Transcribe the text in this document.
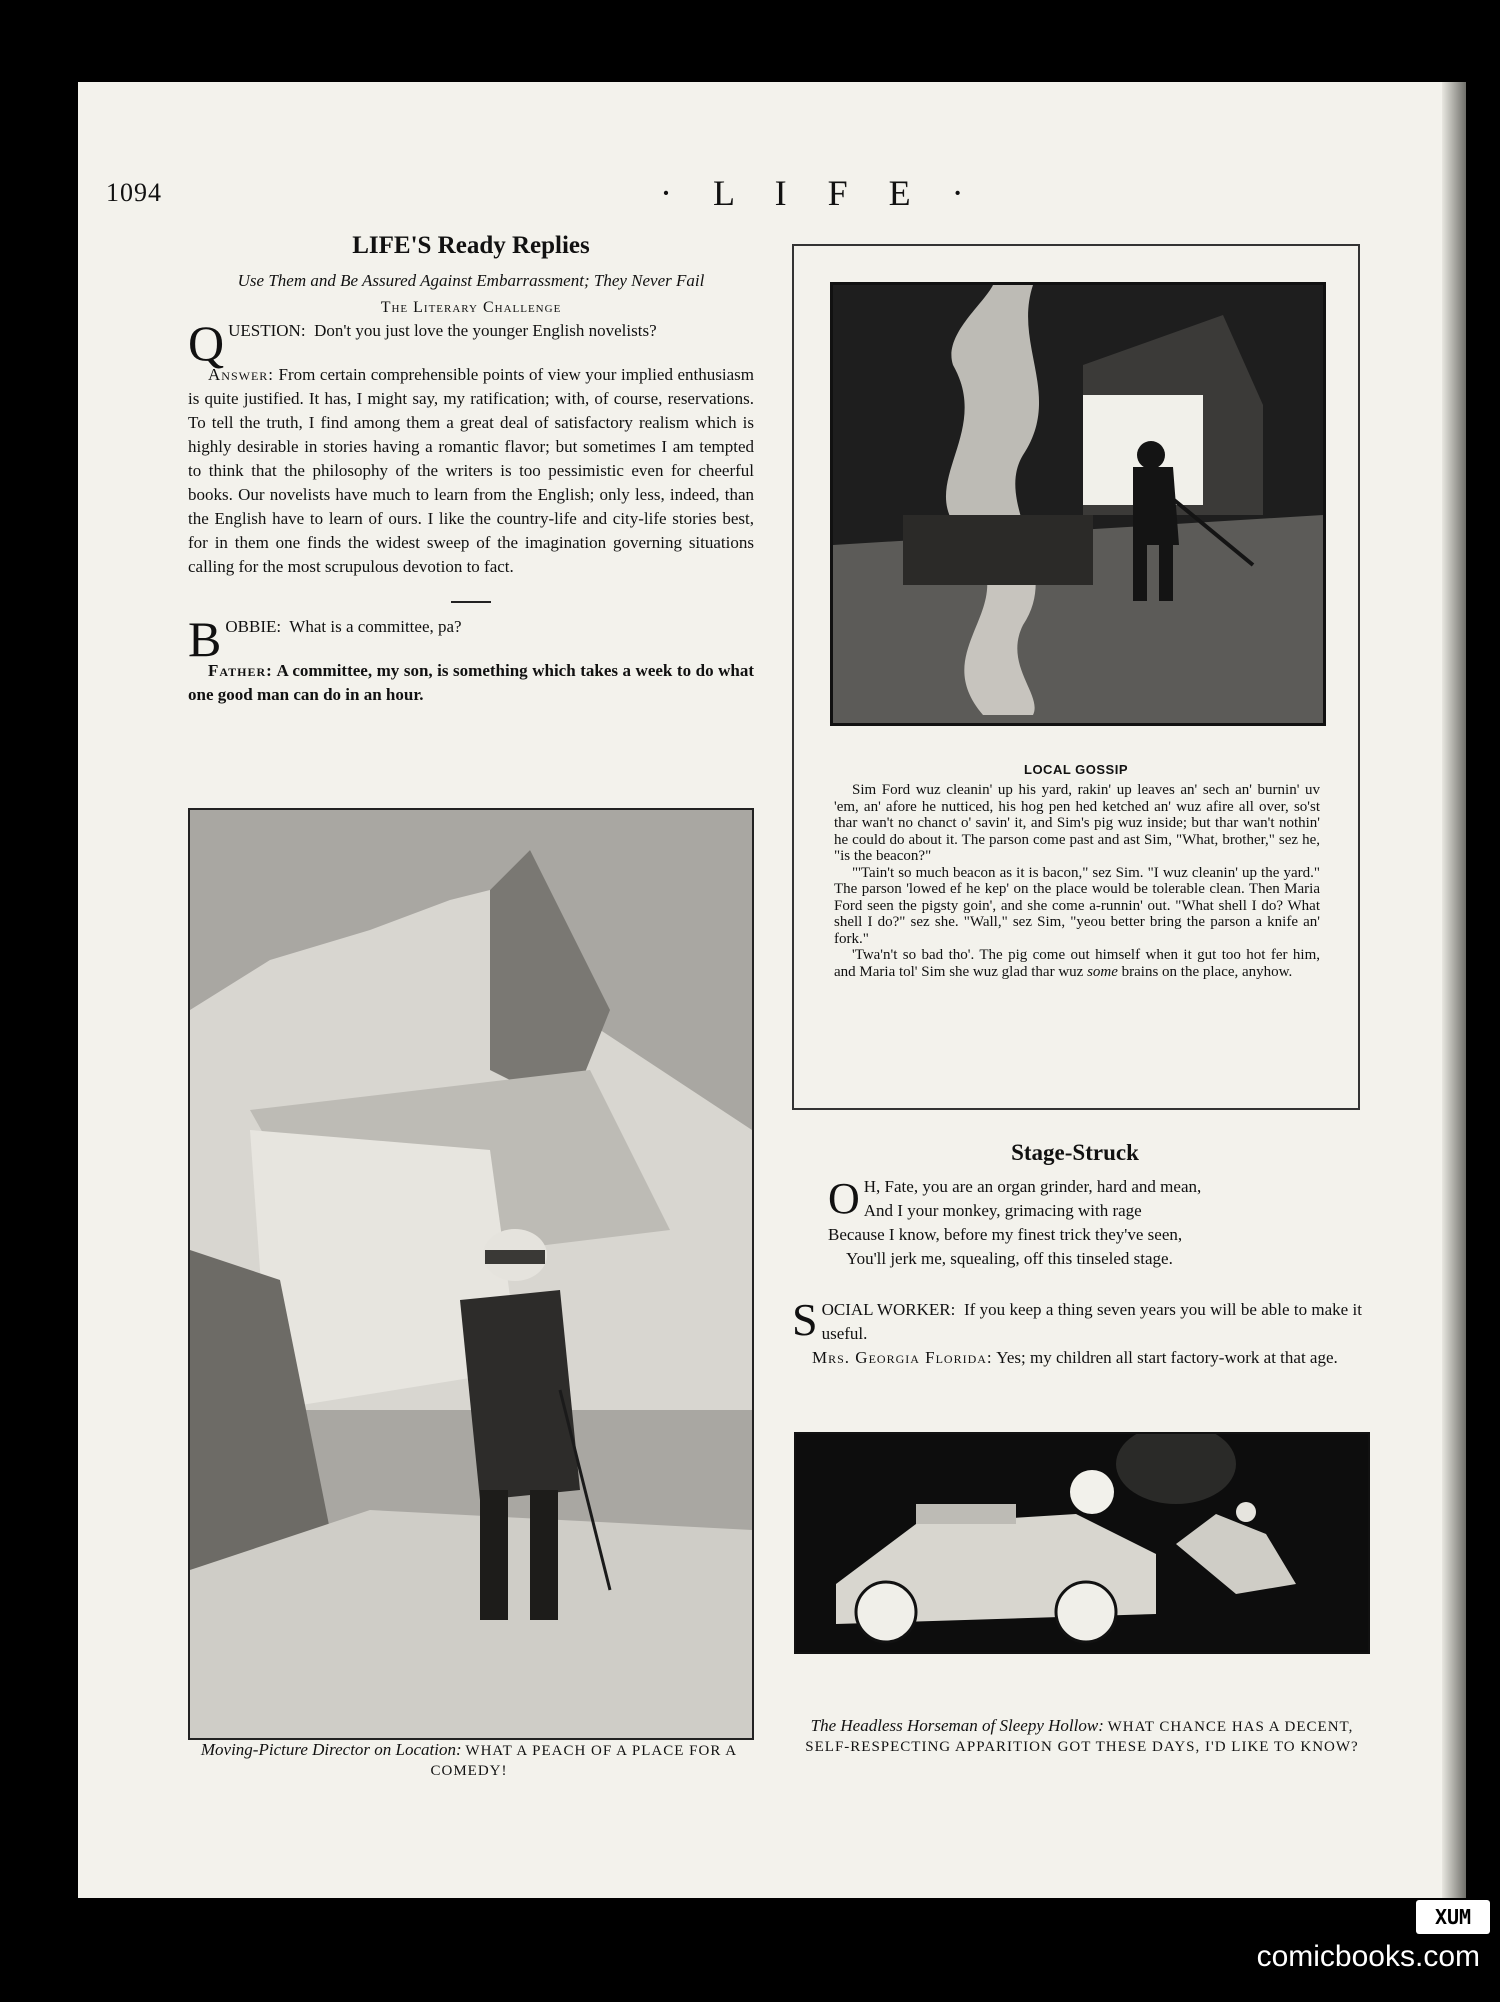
1094	· L I F E ·
LIFE'S Ready Replies
Use Them and Be Assured Against Embarrassment; They Never Fail
The Literary Challenge

QUESTION: Don't you just love the younger English novelists?

Answer: From certain comprehensible points of view your implied enthusiasm is quite justified. It has, I might say, my ratification; with, of course, reservations. To tell the truth, I find among them a great deal of satisfactory realism which is highly desirable in stories having a romantic flavor; but sometimes I am tempted to think that the philosophy of the writers is too pessimistic even for cheerful books. Our novelists have much to learn from the English; only less, indeed, than the English have to learn of ours. I like the country-life and city-life stories best, for in them one finds the widest sweep of the imagination governing situations calling for the most scrupulous devotion to fact.

BOBBIE: What is a committee, pa?

Father: A committee, my son, is something which takes a week to do what one good man can do in an hour.

Moving-Picture Director on Location: WHAT A PEACH OF A PLACE FOR A COMEDY!
LOCAL GOSSIP

Sim Ford wuz cleanin' up his yard, rakin' up leaves an' sech an' burnin' uv 'em, an' afore he nutticed, his hog pen hed ketched an' wuz afire all over, so'st thar wan't no chanct o' savin' it, and Sim's pig wuz inside; but thar wan't nothin' he could do about it. The parson come past and ast Sim, "What, brother," sez he, "is the beacon?"

"'Tain't so much beacon as it is bacon," sez Sim. "I wuz cleanin' up the yard." The parson 'lowed ef he kep' on the place would be tolerable clean. Then Maria Ford seen the pigsty goin', and she come a-runnin' out. "What shell I do? What shell I do?" sez she. "Wall," sez Sim, "yeou better bring the parson a knife an' fork."

'Twa'n't so bad tho'. The pig come out himself when it gut too hot fer him, and Maria tol' Sim she wuz glad thar wuz some brains on the place, anyhow.

Stage-Struck
O H, Fate, you are an organ grinder, hard and mean,
And I your monkey, grimacing with rage
Because I know, before my finest trick they've seen,
You'll jerk me, squealing, off this tinseled stage.

SOCIAL WORKER: If you keep a thing seven years you will be able to make it useful.

Mrs. Georgia Florida: Yes; my children all start factory-work at that age.

The Headless Horseman of Sleepy Hollow: WHAT CHANCE HAS A DECENT, SELF-RESPECTING APPARITION GOT THESE DAYS, I'D LIKE TO KNOW?
XUM
comicbooks.com
